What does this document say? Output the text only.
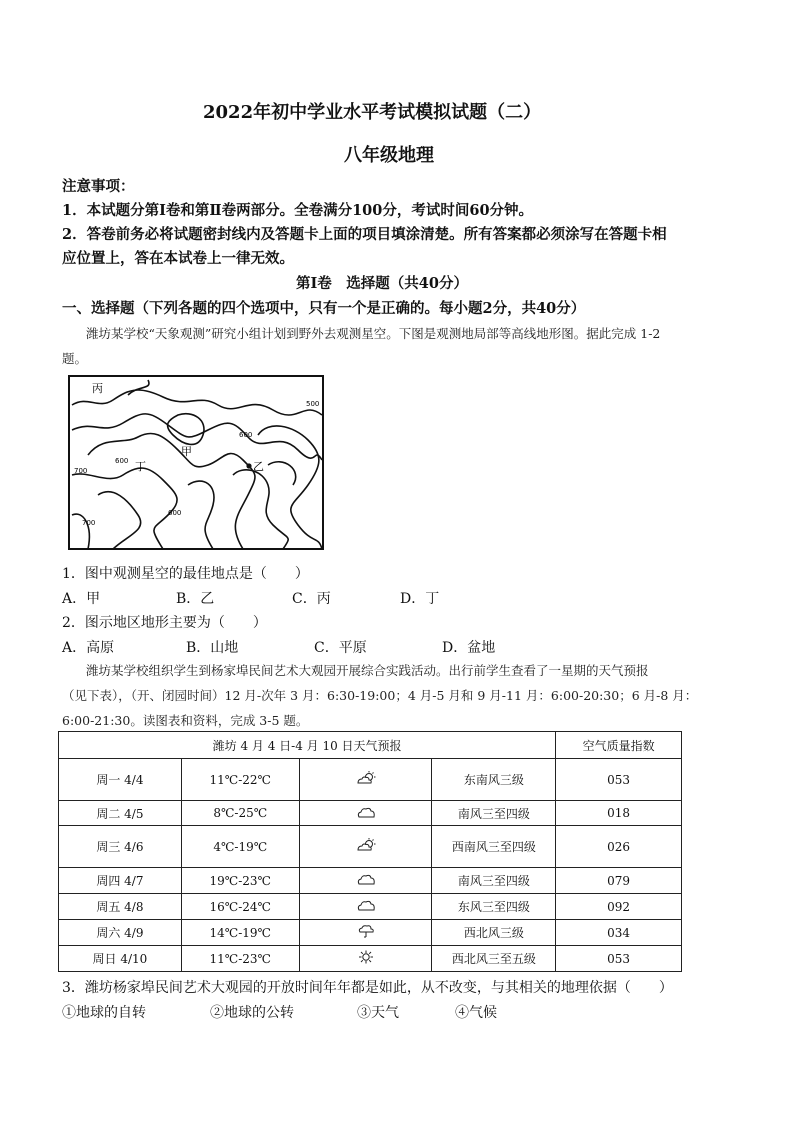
2022年初中学业水平考试模拟试题（二）
八年级地理
注意事项：
1．本试题分第Ⅰ卷和第Ⅱ卷两部分。全卷满分100分，考试时间60分钟。
2．答卷前务必将试题密封线内及答题卡上面的项目填涂清楚。所有答案都必须涂写在答题卡相
应位置上，答在本试卷上一律无效。
第Ⅰ卷　选择题（共40分）
一、选择题（下列各题的四个选项中，只有一个是正确的。每小题2分，共40分）
潍坊某学校“天象观测”研究小组计划到野外去观测星空。下图是观测地局部等高线地形图。据此完成 1-2
题。
丙
甲
乙
丁
500
600
600
600
700
700
1．图中观测星空的最佳地点是（　　）
A．甲	B．乙	C．丙	D．丁
2．图示地区地形主要为（　　）
A．高原	B．山地	C．平原	D．盆地
潍坊某学校组织学生到杨家埠民间艺术大观园开展综合实践活动。出行前学生查看了一星期的天气预报
（见下表），（开、闭园时间）12 月-次年 3 月：6:30-19:00；4 月-5 月和 9 月-11 月：6:00-20:30；6 月-8 月：
6:00-21:30。读图表和资料，完成 3-5 题。
潍坊 4 月 4 日-4 月 10 日天气预报				空气质量指数
周一 4/4	11℃-22℃		东南风三级	053
周二 4/5	8℃-25℃		南风三至四级	018
周三 4/6	4℃-19℃		西南风三至四级	026
周四 4/7	19℃-23℃		南风三至四级	079
周五 4/8	16℃-24℃		东风三至四级	092
周六 4/9	14℃-19℃		西北风三级	034
周日 4/10	11℃-23℃		西北风三至五级	053
3．潍坊杨家埠民间艺术大观园的开放时间年年都是如此，从不改变，与其相关的地理依据（　　）
①地球的自转	②地球的公转	③天气	④气候
